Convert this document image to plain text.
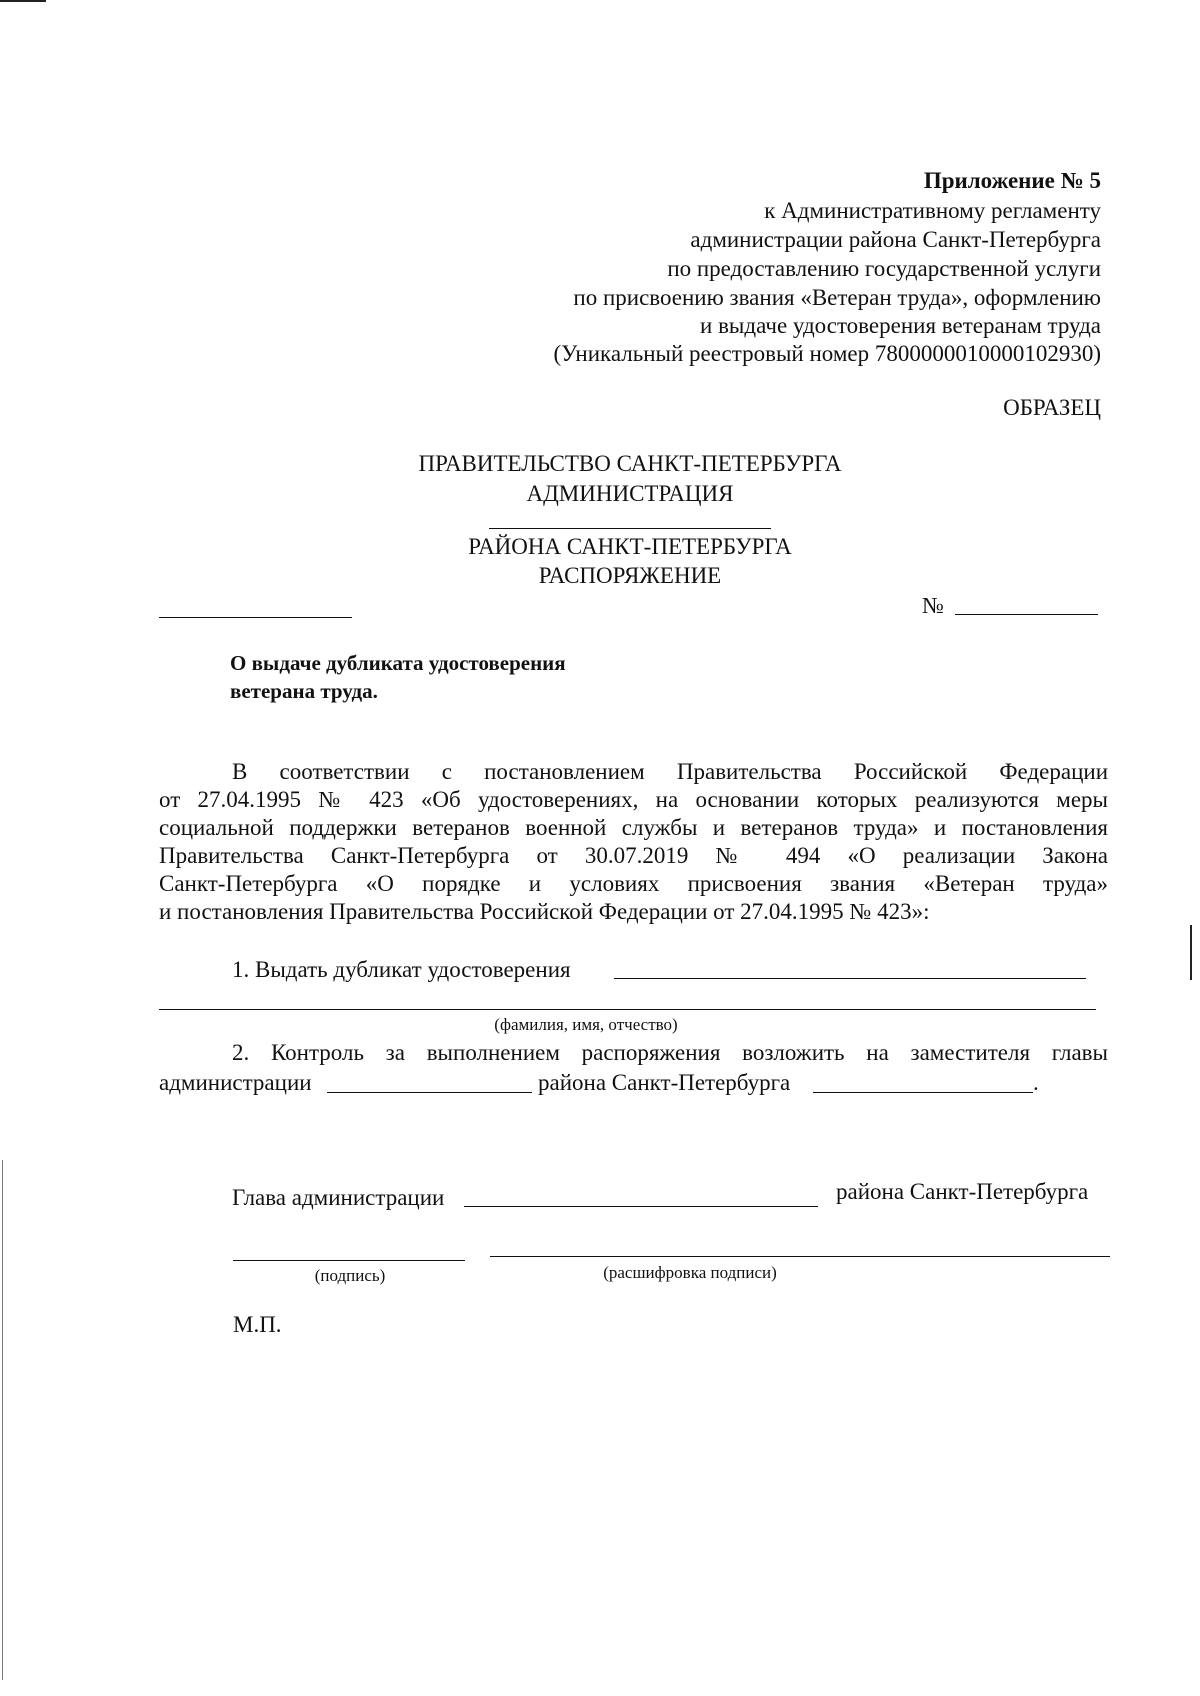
Приложение № 5
к Административному регламенту
администрации района Санкт-Петербурга
по предоставлению государственной услуги
по присвоению звания «Ветеран труда», оформлению
и выдаче удостоверения ветеранам труда
(Уникальный реестровый номер 7800000010000102930)
ОБРАЗЕЦ
ПРАВИТЕЛЬСТВО САНКТ-ПЕТЕРБУРГА
АДМИНИСТРАЦИЯ
РАЙОНА САНКТ-ПЕТЕРБУРГА
РАСПОРЯЖЕНИЕ
№
О выдаче дубликата удостоверения
ветерана труда.
В соответствии с постановлением Правительства Российской Федерации
от 27.04.1995 № 423 «Об удостоверениях, на основании которых реализуются меры
социальной поддержки ветеранов военной службы и ветеранов труда» и постановления
Правительства Санкт-Петербурга от 30.07.2019 № 494 «О реализации Закона
Санкт-Петербурга «О порядке и условиях присвоения звания «Ветеран труда»
и постановления Правительства Российской Федерации от 27.04.1995 № 423»:
1. Выдать дубликат удостоверения
(фамилия, имя, отчество)
2. Контроль за выполнением распоряжения возложить на заместителя главы
администрации	района Санкт-Петербурга	.
Глава администрации	района Санкт-Петербурга
(подпись)	(расшифровка подписи)
М.П.
